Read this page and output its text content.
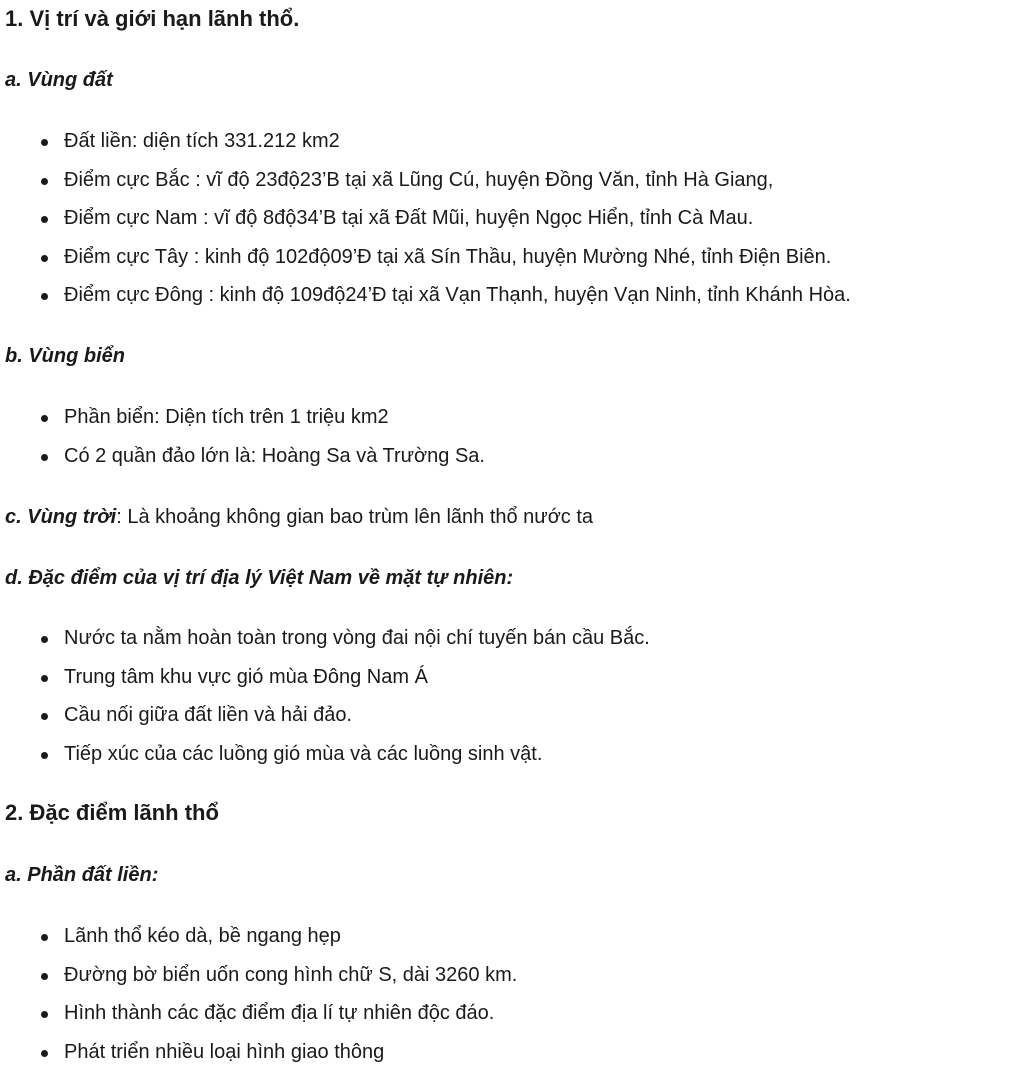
1. Vị trí và giới hạn lãnh thổ.

a. Vùng đất

Đất liền: diện tích 331.212 km2
Điểm cực Bắc : vĩ độ 23độ23’B tại xã Lũng Cú, huyện Đồng Văn, tỉnh Hà Giang,
Điểm cực Nam : vĩ độ 8độ34’B tại xã Đất Mũi, huyện Ngọc Hiển, tỉnh Cà Mau.
Điểm cực Tây : kinh độ 102độ09’Đ tại xã Sín Thầu, huyện Mường Nhé, tỉnh Điện Biên.
Điểm cực Đông : kinh độ 109độ24’Đ tại xã Vạn Thạnh, huyện Vạn Ninh, tỉnh Khánh Hòa.

b. Vùng biển

Phần biển: Diện tích trên 1 triệu km2
Có 2 quần đảo lớn là: Hoàng Sa và Trường Sa.

c. Vùng trời: Là khoảng không gian bao trùm lên lãnh thổ nước ta

d. Đặc điểm của vị trí địa lý Việt Nam về mặt tự nhiên:

Nước ta nằm hoàn toàn trong vòng đai nội chí tuyến bán cầu Bắc.
Trung tâm khu vực gió mùa Đông Nam Á
Cầu nối giữa đất liền và hải đảo.
Tiếp xúc của các luồng gió mùa và các luồng sinh vật.
2. Đặc điểm lãnh thổ

a. Phần đất liền:

Lãnh thổ kéo dà, bề ngang hẹp
Đường bờ biển uốn cong hình chữ S, dài 3260 km.
Hình thành các đặc điểm địa lí tự nhiên độc đáo.
Phát triển nhiều loại hình giao thông
